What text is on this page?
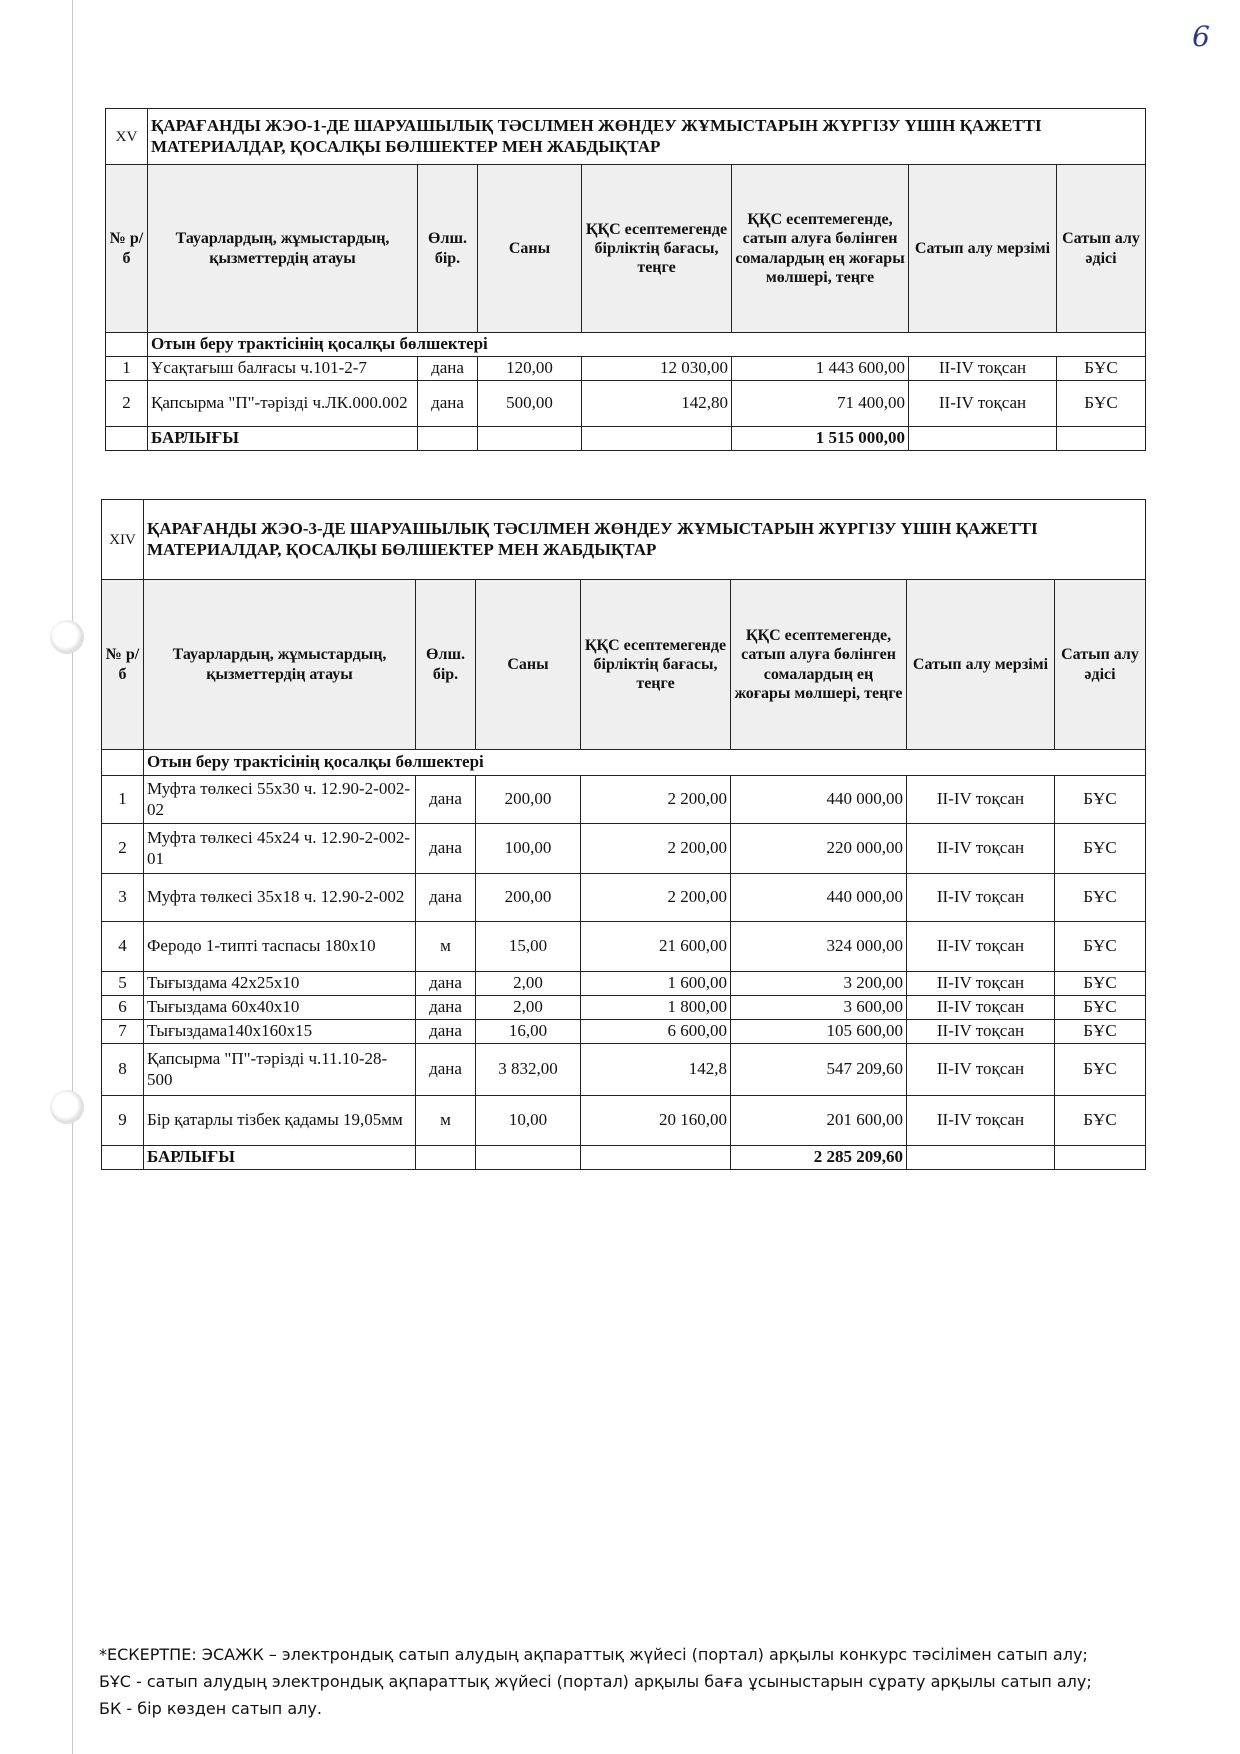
6
XV	ҚАРАҒАНДЫ ЖЭО-1-ДЕ ШАРУАШЫЛЫҚ ТӘСІЛМЕН ЖӨНДЕУ ЖҰМЫСТАРЫН ЖҮРГІЗУ ҮШІН ҚАЖЕТТІ МАТЕРИАЛДАР, ҚОСАЛҚЫ БӨЛШЕКТЕР МЕН ЖАБДЫҚТАР						
№ р/б	Тауарлардың, жұмыстардың, қызметтердің атауы	Өлш. бір.	Саны	ҚҚС есептемегенде бірліктің бағасы, теңге	ҚҚС есептемегенде, сатып алуға бөлінген сомалардың ең жоғары мөлшері, теңге	Сатып алу мерзімі	Сатып алу әдісі
	Отын беру трактісінің қосалқы бөлшектері						
1	Ұсақтағыш балғасы ч.101-2-7	дана	120,00	12 030,00	1 443 600,00	II-IV тоқсан	БҰС
2	Қапсырма "П"-тәрізді ч.ЛК.000.002	дана	500,00	142,80	71 400,00	II-IV тоқсан	БҰС
	БАРЛЫҒЫ				1 515 000,00		
XIV	ҚАРАҒАНДЫ ЖЭО-3-ДЕ ШАРУАШЫЛЫҚ ТӘСІЛМЕН ЖӨНДЕУ ЖҰМЫСТАРЫН ЖҮРГІЗУ ҮШІН ҚАЖЕТТІ МАТЕРИАЛДАР, ҚОСАЛҚЫ БӨЛШЕКТЕР МЕН ЖАБДЫҚТАР						
№ р/б	Тауарлардың, жұмыстардың, қызметтердің атауы	Өлш. бір.	Саны	ҚҚС есептемегенде бірліктің бағасы, теңге	ҚҚС есептемегенде, сатып алуға бөлінген сомалардың ең жоғары мөлшері, теңге	Сатып алу мерзімі	Сатып алу әдісі
	Отын беру трактісінің қосалқы бөлшектері						
1	Муфта төлкесі 55х30 ч. 12.90-2-002-02	дана	200,00	2 200,00	440 000,00	II-IV тоқсан	БҰС
2	Муфта төлкесі 45х24 ч. 12.90-2-002-01	дана	100,00	2 200,00	220 000,00	II-IV тоқсан	БҰС
3	Муфта төлкесі 35х18 ч. 12.90-2-002	дана	200,00	2 200,00	440 000,00	II-IV тоқсан	БҰС
4	Феродо 1-типті таспасы 180х10	м	15,00	21 600,00	324 000,00	II-IV тоқсан	БҰС
5	Тығыздама 42х25х10	дана	2,00	1 600,00	3 200,00	II-IV тоқсан	БҰС
6	Тығыздама 60х40х10	дана	2,00	1 800,00	3 600,00	II-IV тоқсан	БҰС
7	Тығыздама140х160х15	дана	16,00	6 600,00	105 600,00	II-IV тоқсан	БҰС
8	Қапсырма "П"-тәрізді ч.11.10-28-500	дана	3 832,00	142,8	547 209,60	II-IV тоқсан	БҰС
9	Бір қатарлы тізбек қадамы 19,05мм	м	10,00	20 160,00	201 600,00	II-IV тоқсан	БҰС
	БАРЛЫҒЫ				2 285 209,60		
*ЕСКЕРТПЕ: ЭСАЖК – электрондық сатып алудың ақпараттық жүйесі (портал) арқылы конкурс тәсілімен сатып алу;
БҰС - сатып алудың электрондық ақпараттық жүйесі (портал) арқылы баға ұсыныстарын сұрату арқылы сатып алу;
БК - бір көзден сатып алу.
